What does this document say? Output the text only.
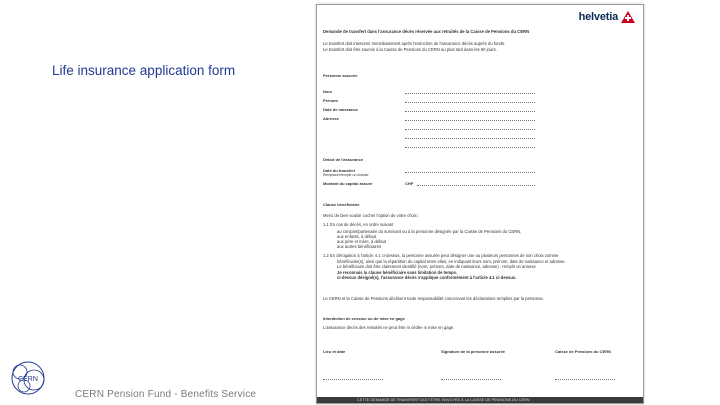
Life insurance application form
helvetia
Demande de transfert dans l'assurance décès réservée aux retraités de la Caisse de Pensions du CERN
Le transfert doit intervenir immédiatement après l'extinction de l'assurance décès auprès du fonds.
Le transfert doit être soumis à la Caisse de Pensions du CERN au plus tard dans les 60 jours.
Personne assurée
Nom
Prénom
Date de naissance
Adresse
Début de l'assurance
Date du transfert
Remplacer/remplir un dossier
Montant du capital assuré	CHF
Clause bénéficiaire
Merci de bien vouloir cocher l'option de votre choix :
1.1 En cas de décès, en ordre suivant
au conjoint/partenaire du survivant ou à la personne désignée par la Caisse de Pensions du CERN,
aux enfants, à défaut
aux père et mère, à défaut
aux autres bénéficiaires
1.2 En dérogation à l'article 4.1 ci-dessus, la personne assurée peut désigner une ou plusieurs personnes de son choix comme
bénéficiaire(s), ainsi que la répartition du capital entre elles, en indiquant leurs nom, prénom, date de naissance et adresse.
Le bénéficiaire doit être clairement identifié (nom, prénom, date de naissance, adresse) : remplir un annexe
Je reconnais la clause bénéficiaire sans limitation de temps.
ci-dessus désigné(s), l'assurance décès s'applique conformément à l'article 4.1 ci-dessus.
Le CERN et la Caisse de Pensions déclinent toute responsabilité concernant les déclarations remplies par la personne.
Interdiction de cession ou de mise en gage
L'assurance décès des retraités ne peut être ni cédée ni mise en gage.
Lieu et date	Signature de la personne assurée	Caisse de Pensions du CERN
CETTE DEMANDE DE TRANSFERT DOIT ÊTRE ENVOYÉE À LA CAISSE DE PENSIONS DU CERN
CERN
CERN Pension Fund - Benefits Service
